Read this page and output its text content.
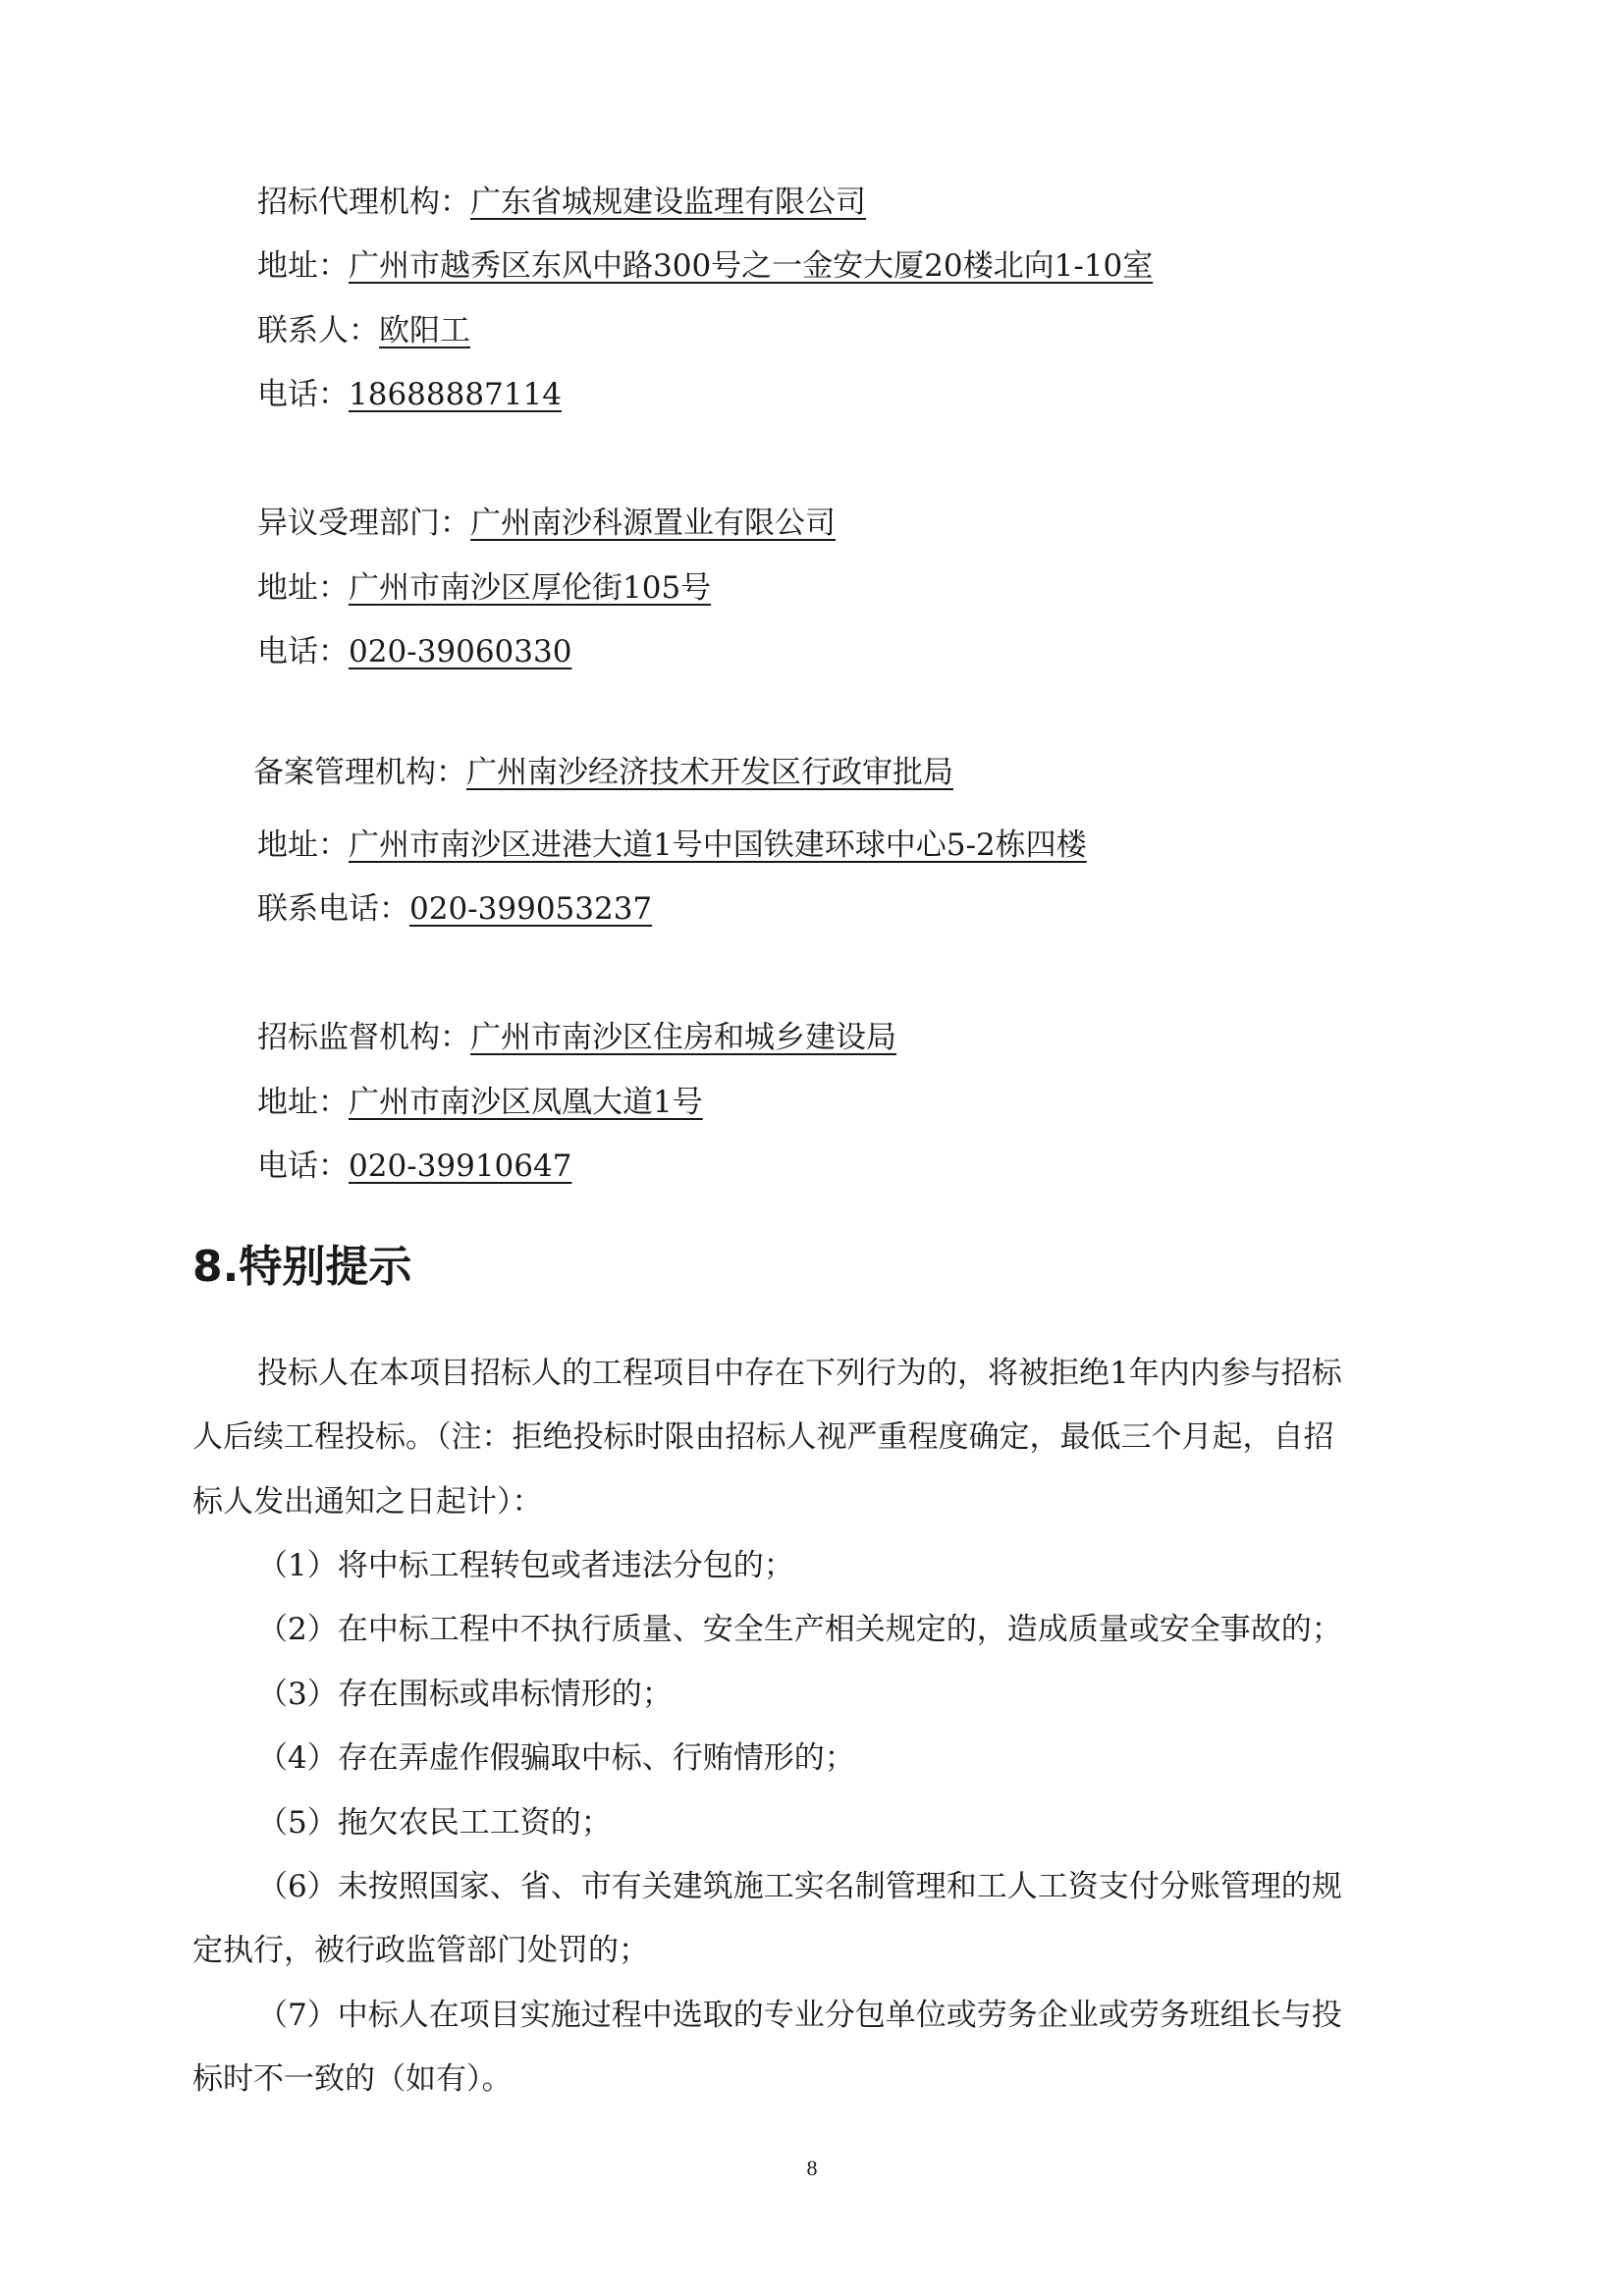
招标代理机构：广东省城规建设监理有限公司
地址：广州市越秀区东风中路300号之一金安大厦20楼北向1-10室
联系人：欧阳工
电话：18688887114
异议受理部门：广州南沙科源置业有限公司
地址：广州市南沙区厚伦街105号
电话：020-39060330
备案管理机构：广州南沙经济技术开发区行政审批局
地址：广州市南沙区进港大道1号中国铁建环球中心5-2栋四楼
联系电话：020-399053237
招标监督机构：广州市南沙区住房和城乡建设局
地址：广州市南沙区凤凰大道1号
电话：020-39910647
8.特别提示
投标人在本项目招标人的工程项目中存在下列行为的，将被拒绝1年内内参与招标
人后续工程投标。（注：拒绝投标时限由招标人视严重程度确定，最低三个月起，自招
标人发出通知之日起计）：
（1）将中标工程转包或者违法分包的；
（2）在中标工程中不执行质量、安全生产相关规定的，造成质量或安全事故的；
（3）存在围标或串标情形的；
（4）存在弄虚作假骗取中标、行贿情形的；
（5）拖欠农民工工资的；
（6）未按照国家、省、市有关建筑施工实名制管理和工人工资支付分账管理的规
定执行，被行政监管部门处罚的；
（7）中标人在项目实施过程中选取的专业分包单位或劳务企业或劳务班组长与投
标时不一致的（如有）。
8
